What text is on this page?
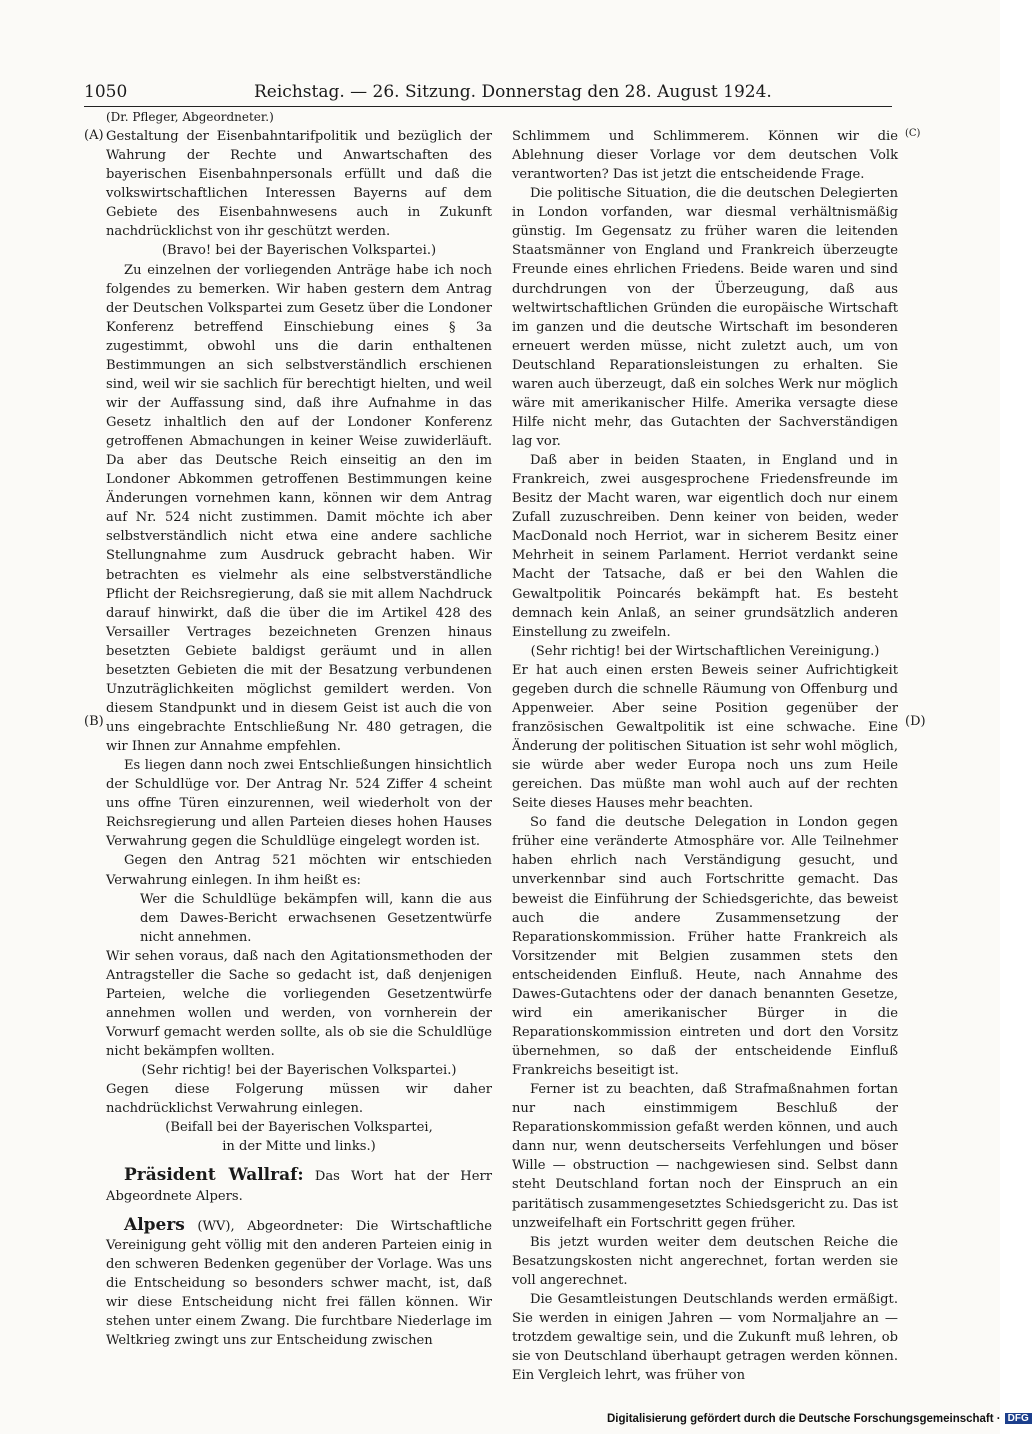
1050	Reichstag. — 26. Sitzung. Donnerstag den 28. August 1924.
(A)
(B)
(C)
(D)

(Dr. Pfleger, Abgeordneter.)

Gestaltung der Eisenbahntarifpolitik und bezüglich der Wahrung der Rechte und Anwartschaften des bayerischen Eisenbahnpersonals erfüllt und daß die volkswirtschaftlichen Interessen Bayerns auf dem Gebiete des Eisenbahnwesens auch in Zukunft nachdrücklichst von ihr geschützt werden.

(Bravo! bei der Bayerischen Volkspartei.)

Zu einzelnen der vorliegenden Anträge habe ich noch folgendes zu bemerken. Wir haben gestern dem Antrag der Deutschen Volkspartei zum Gesetz über die Londoner Konferenz betreffend Einschiebung eines § 3a zugestimmt, obwohl uns die darin enthaltenen Bestimmungen an sich selbstverständlich erschienen sind, weil wir sie sachlich für berechtigt hielten, und weil wir der Auffassung sind, daß ihre Aufnahme in das Gesetz inhaltlich den auf der Londoner Konferenz getroffenen Abmachungen in keiner Weise zuwiderläuft. Da aber das Deutsche Reich einseitig an den im Londoner Abkommen getroffenen Bestimmungen keine Änderungen vornehmen kann, können wir dem Antrag auf Nr. 524 nicht zustimmen. Damit möchte ich aber selbstverständlich nicht etwa eine andere sachliche Stellungnahme zum Ausdruck gebracht haben. Wir betrachten es vielmehr als eine selbstverständliche Pflicht der Reichsregierung, daß sie mit allem Nachdruck darauf hinwirkt, daß die über die im Artikel 428 des Versailler Vertrages bezeichneten Grenzen hinaus besetzten Gebiete baldigst geräumt und in allen besetzten Gebieten die mit der Besatzung verbundenen Unzuträglichkeiten möglichst gemildert werden. Von diesem Standpunkt und in diesem Geist ist auch die von uns eingebrachte Entschließung Nr. 480 getragen, die wir Ihnen zur Annahme empfehlen.

Es liegen dann noch zwei Entschließungen hinsichtlich der Schuldlüge vor. Der Antrag Nr. 524 Ziffer 4 scheint uns offne Türen einzurennen, weil wiederholt von der Reichsregierung und allen Parteien dieses hohen Hauses Verwahrung gegen die Schuldlüge eingelegt worden ist.

Gegen den Antrag 521 möchten wir entschieden Verwahrung einlegen. In ihm heißt es:

Wer die Schuldlüge bekämpfen will, kann die aus dem Dawes-Bericht erwachsenen Gesetzentwürfe nicht annehmen.

Wir sehen voraus, daß nach den Agitationsmethoden der Antragsteller die Sache so gedacht ist, daß denjenigen Parteien, welche die vorliegenden Gesetzentwürfe annehmen wollen und werden, von vornherein der Vorwurf gemacht werden sollte, als ob sie die Schuldlüge nicht bekämpfen wollten.

(Sehr richtig! bei der Bayerischen Volkspartei.)

Gegen diese Folgerung müssen wir daher nachdrücklichst Verwahrung einlegen.

(Beifall bei der Bayerischen Volkspartei,

in der Mitte und links.)

Präsident Wallraf: Das Wort hat der Herr Abgeordnete Alpers.

Alpers (WV), Abgeordneter: Die Wirtschaftliche Vereinigung geht völlig mit den anderen Parteien einig in den schweren Bedenken gegenüber der Vorlage. Was uns die Entscheidung so besonders schwer macht, ist, daß wir diese Entscheidung nicht frei fällen können. Wir stehen unter einem Zwang. Die furchtbare Niederlage im Weltkrieg zwingt uns zur Entscheidung zwischen

Schlimmem und Schlimmerem. Können wir die Ablehnung dieser Vorlage vor dem deutschen Volk verantworten? Das ist jetzt die entscheidende Frage.

Die politische Situation, die die deutschen Delegierten in London vorfanden, war diesmal verhältnismäßig günstig. Im Gegensatz zu früher waren die leitenden Staatsmänner von England und Frankreich überzeugte Freunde eines ehrlichen Friedens. Beide waren und sind durchdrungen von der Überzeugung, daß aus weltwirtschaftlichen Gründen die europäische Wirtschaft im ganzen und die deutsche Wirtschaft im besonderen erneuert werden müsse, nicht zuletzt auch, um von Deutschland Reparationsleistungen zu erhalten. Sie waren auch überzeugt, daß ein solches Werk nur möglich wäre mit amerikanischer Hilfe. Amerika versagte diese Hilfe nicht mehr, das Gutachten der Sachverständigen lag vor.

Daß aber in beiden Staaten, in England und in Frankreich, zwei ausgesprochene Friedensfreunde im Besitz der Macht waren, war eigentlich doch nur einem Zufall zuzuschreiben. Denn keiner von beiden, weder MacDonald noch Herriot, war in sicherem Besitz einer Mehrheit in seinem Parlament. Herriot verdankt seine Macht der Tatsache, daß er bei den Wahlen die Gewaltpolitik Poincarés bekämpft hat. Es besteht demnach kein Anlaß, an seiner grundsätzlich anderen Einstellung zu zweifeln.

(Sehr richtig! bei der Wirtschaftlichen Vereinigung.)

Er hat auch einen ersten Beweis seiner Aufrichtigkeit gegeben durch die schnelle Räumung von Offenburg und Appenweier. Aber seine Position gegenüber der französischen Gewaltpolitik ist eine schwache. Eine Änderung der politischen Situation ist sehr wohl möglich, sie würde aber weder Europa noch uns zum Heile gereichen. Das müßte man wohl auch auf der rechten Seite dieses Hauses mehr beachten.

So fand die deutsche Delegation in London gegen früher eine veränderte Atmosphäre vor. Alle Teilnehmer haben ehrlich nach Verständigung gesucht, und unverkennbar sind auch Fortschritte gemacht. Das beweist die Einführung der Schiedsgerichte, das beweist auch die andere Zusammensetzung der Reparationskommission. Früher hatte Frankreich als Vorsitzender mit Belgien zusammen stets den entscheidenden Einfluß. Heute, nach Annahme des Dawes-Gutachtens oder der danach benannten Gesetze, wird ein amerikanischer Bürger in die Reparationskommission eintreten und dort den Vorsitz übernehmen, so daß der entscheidende Einfluß Frankreichs beseitigt ist.

Ferner ist zu beachten, daß Strafmaßnahmen fortan nur nach einstimmigem Beschluß der Reparationskommission gefaßt werden können, und auch dann nur, wenn deutscherseits Verfehlungen und böser Wille — obstruction — nachgewiesen sind. Selbst dann steht Deutschland fortan noch der Einspruch an ein paritätisch zusammengesetztes Schiedsgericht zu. Das ist unzweifelhaft ein Fortschritt gegen früher.

Bis jetzt wurden weiter dem deutschen Reiche die Besatzungskosten nicht angerechnet, fortan werden sie voll angerechnet.

Die Gesamtleistungen Deutschlands werden ermäßigt. Sie werden in einigen Jahren — vom Normaljahre an — trotzdem gewaltige sein, und die Zukunft muß lehren, ob sie von Deutschland überhaupt getragen werden können. Ein Vergleich lehrt, was früher von

Digitalisierung gefördert durch die Deutsche Forschungsgemeinschaft · DFG
